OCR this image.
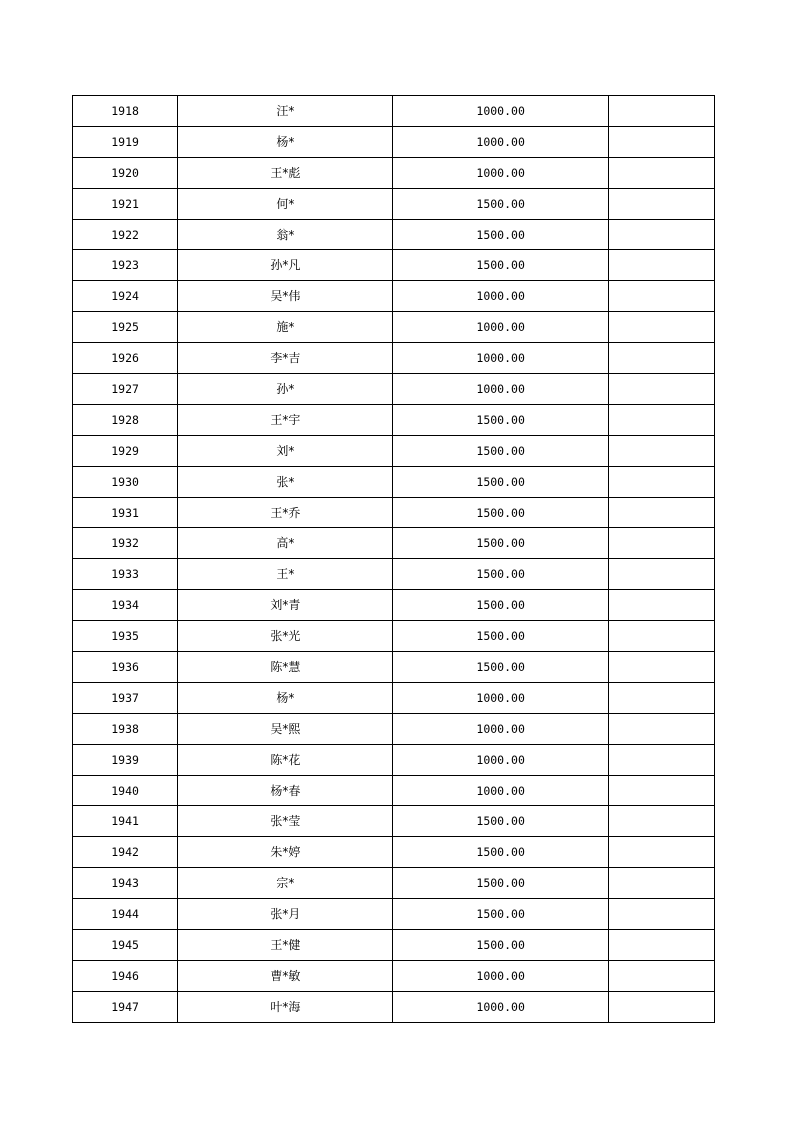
1918	汪*	1000.00	
1919	杨*	1000.00	
1920	王*彪	1000.00	
1921	何*	1500.00	
1922	翁*	1500.00	
1923	孙*凡	1500.00	
1924	吴*伟	1000.00	
1925	施*	1000.00	
1926	李*吉	1000.00	
1927	孙*	1000.00	
1928	王*宇	1500.00	
1929	刘*	1500.00	
1930	张*	1500.00	
1931	王*乔	1500.00	
1932	高*	1500.00	
1933	王*	1500.00	
1934	刘*青	1500.00	
1935	张*光	1500.00	
1936	陈*慧	1500.00	
1937	杨*	1000.00	
1938	吴*熙	1000.00	
1939	陈*花	1000.00	
1940	杨*春	1000.00	
1941	张*莹	1500.00	
1942	朱*婷	1500.00	
1943	宗*	1500.00	
1944	张*月	1500.00	
1945	王*健	1500.00	
1946	曹*敏	1000.00	
1947	叶*海	1000.00	
